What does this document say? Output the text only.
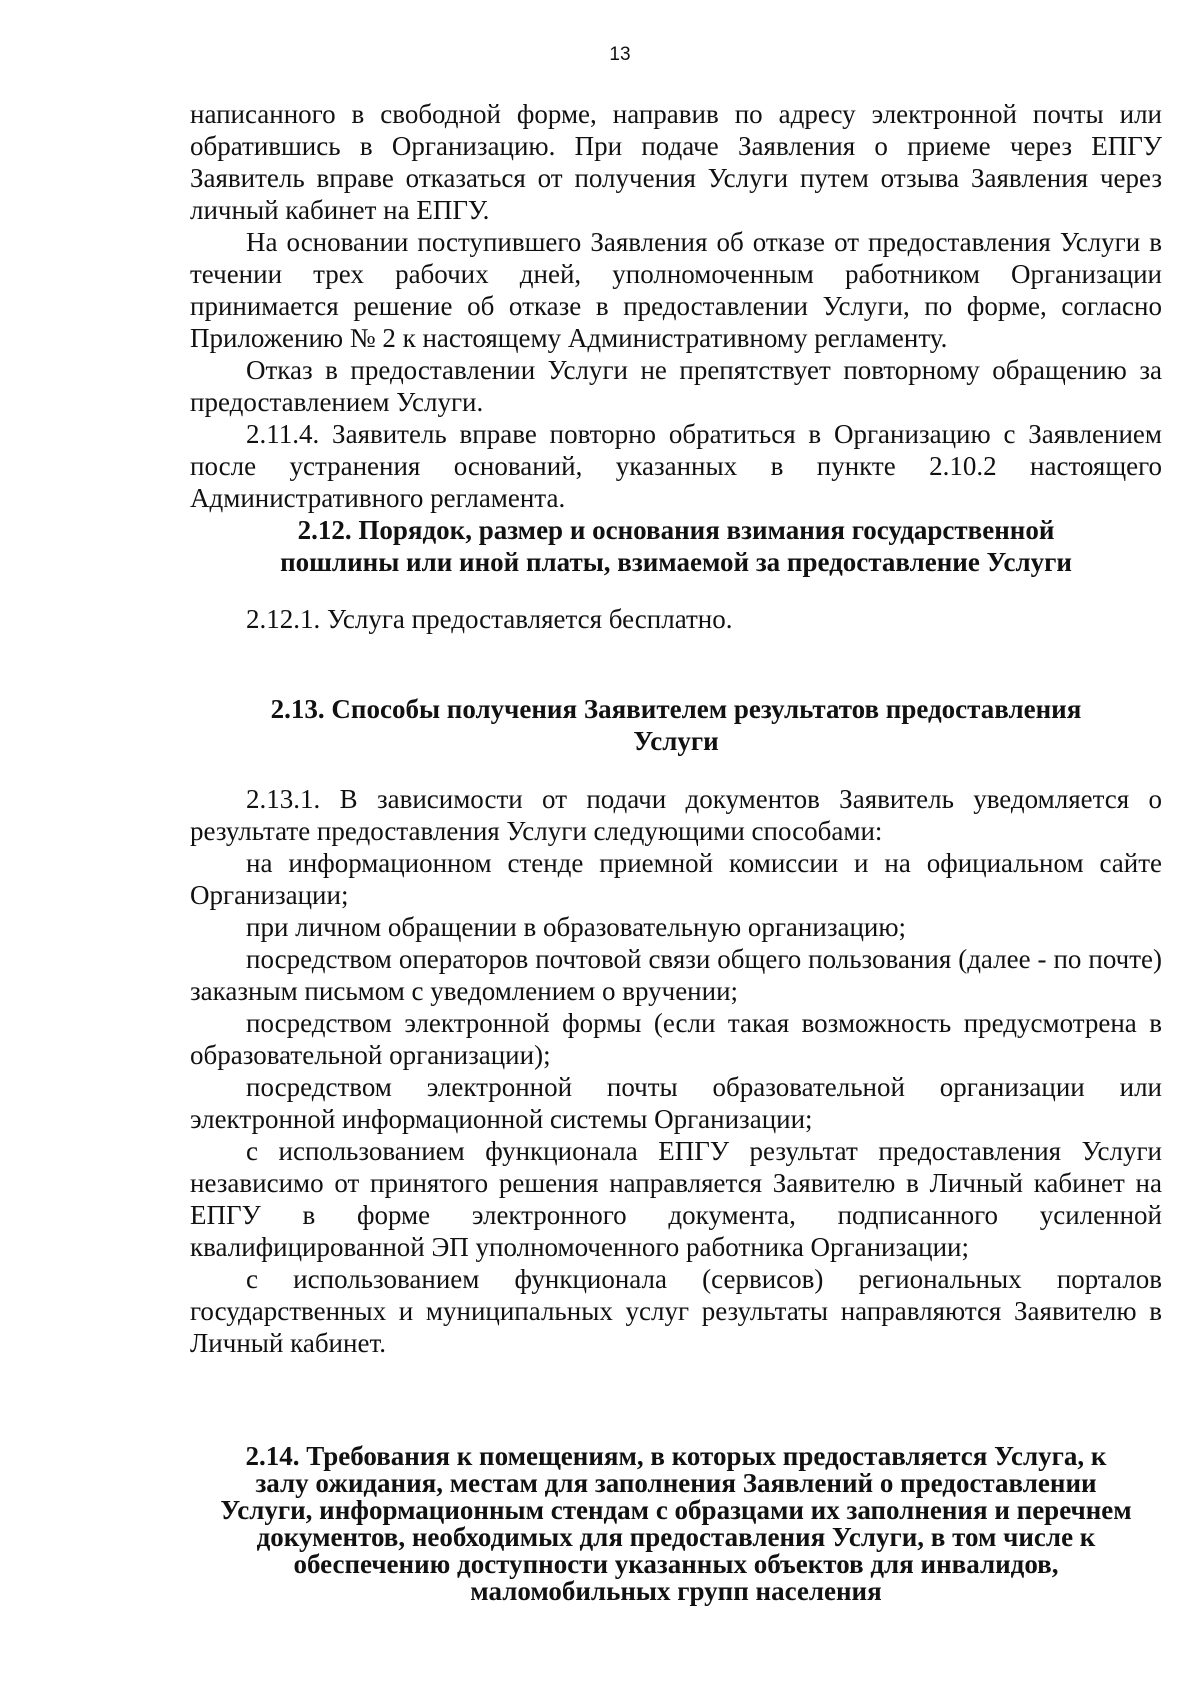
13

написанного в свободной форме, направив по адресу электронной почты или обратившись в Организацию. При подаче Заявления о приеме через ЕПГУ Заявитель вправе отказаться от получения Услуги путем отзыва Заявления через личный кабинет на ЕПГУ.

На основании поступившего Заявления об отказе от предоставления Услуги в течении трех рабочих дней, уполномоченным работником Организации принимается решение об отказе в предоставлении Услуги, по форме, согласно Приложению № 2 к настоящему Административному регламенту.

Отказ в предоставлении Услуги не препятствует повторному обращению за предоставлением Услуги.

2.11.4. Заявитель вправе повторно обратиться в Организацию с Заявлением после устранения оснований, указанных в пункте 2.10.2 настоящего Административного регламента.

2.12. Порядок, размер и основания взимания государственной
пошлины или иной платы, взимаемой за предоставление Услуги

2.12.1. Услуга предоставляется бесплатно.

2.13. Способы получения Заявителем результатов предоставления
Услуги

2.13.1. В зависимости от подачи документов Заявитель уведомляется о результате предоставления Услуги следующими способами:

на информационном стенде приемной комиссии и на официальном сайте Организации;

при личном обращении в образовательную организацию;

посредством операторов почтовой связи общего пользования (далее - по почте) заказным письмом с уведомлением о вручении;

посредством электронной формы (если такая возможность предусмотрена в образовательной организации);

посредством электронной почты образовательной организации или электронной информационной системы Организации;

с использованием функционала ЕПГУ результат предоставления Услуги независимо от принятого решения направляется Заявителю в Личный кабинет на ЕПГУ в форме электронного документа, подписанного усиленной квалифицированной ЭП уполномоченного работника Организации;

с использованием функционала (сервисов) региональных порталов государственных и муниципальных услуг результаты направляются Заявителю в Личный кабинет.

2.14. Требования к помещениям, в которых предоставляется Услуга, к
залу ожидания, местам для заполнения Заявлений о предоставлении
Услуги, информационным стендам с образцами их заполнения и перечнем
документов, необходимых для предоставления Услуги, в том числе к
обеспечению доступности указанных объектов для инвалидов,
маломобильных групп населения
